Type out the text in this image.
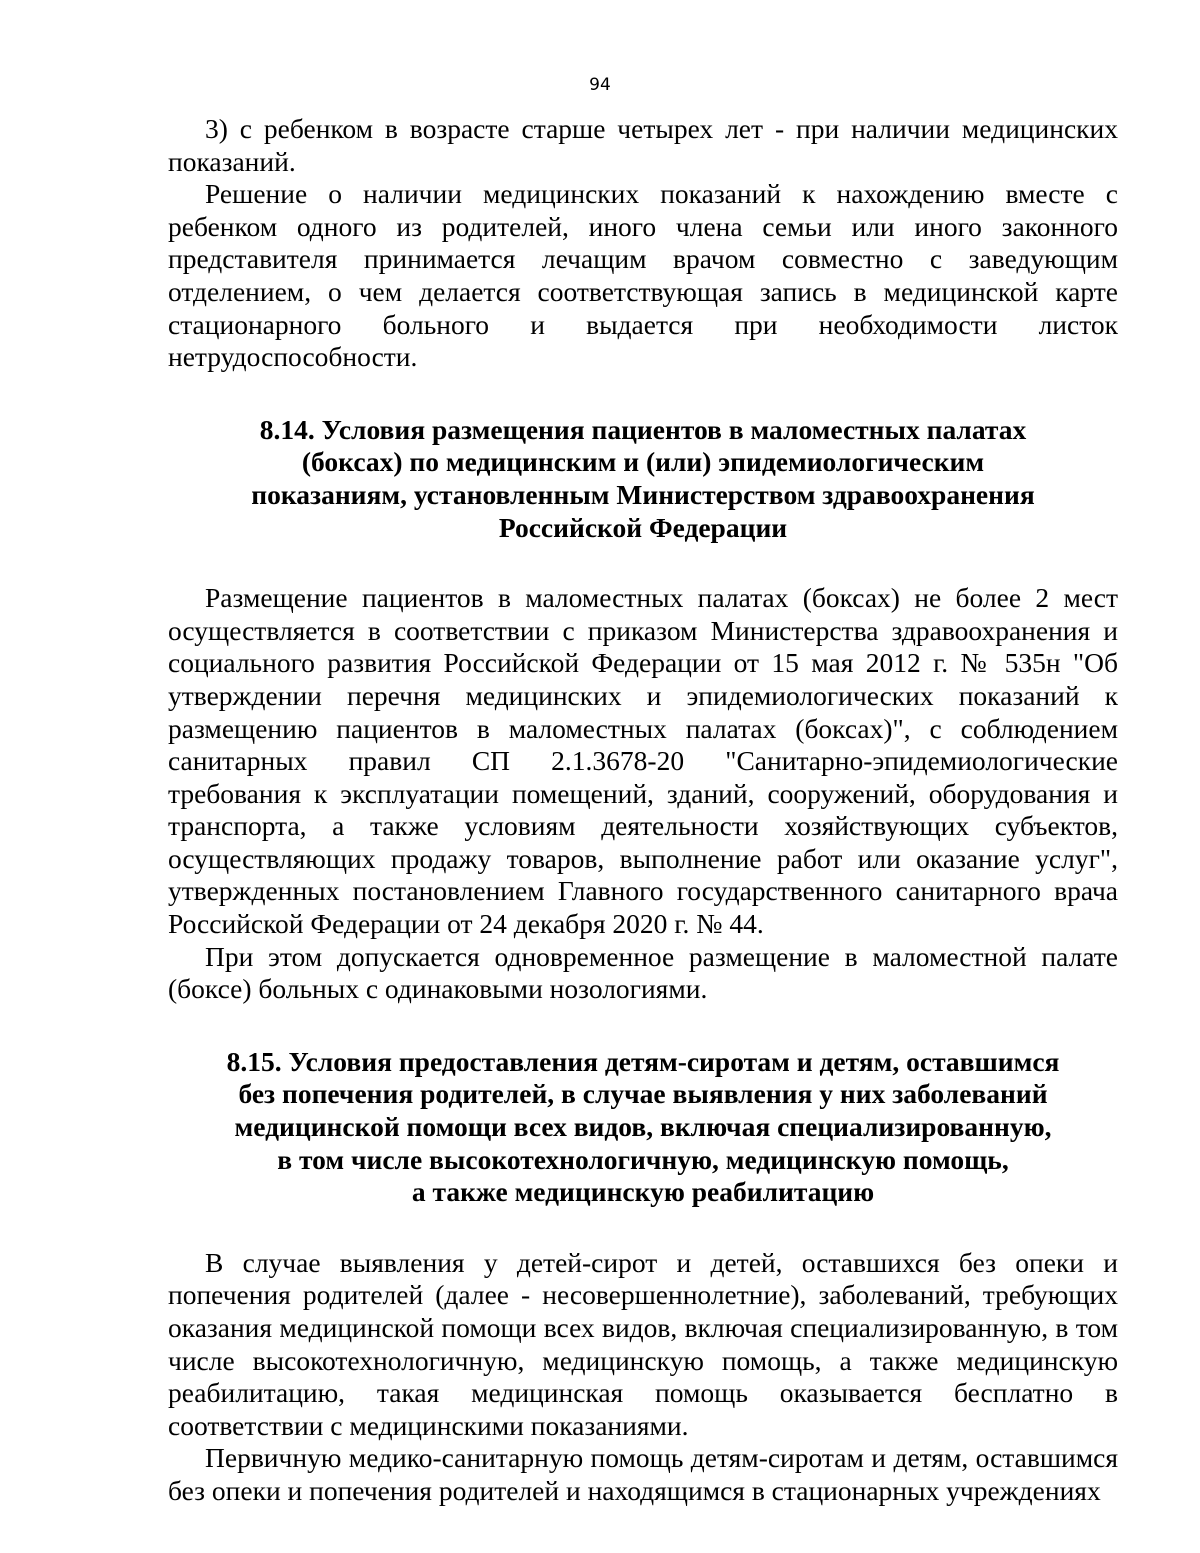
94

3) с ребенком в возрасте старше четырех лет - при наличии медицинских показаний.

Решение о наличии медицинских показаний к нахождению вместе с ребенком одного из родителей, иного члена семьи или иного законного представителя принимается лечащим врачом совместно с заведующим отделением, о чем делается соответствующая запись в медицинской карте стационарного больного и выдается при необходимости листок нетрудоспособности.

8.14. Условия размещения пациентов в маломестных палатах
(боксах) по медицинским и (или) эпидемиологическим
показаниям, установленным Министерством здравоохранения
Российской Федерации

Размещение пациентов в маломестных палатах (боксах) не более 2 мест осуществляется в соответствии с приказом Министерства здравоохранения и социального развития Российской Федерации от 15 мая 2012 г. № 535н "Об утверждении перечня медицинских и эпидемиологических показаний к размещению пациентов в маломестных палатах (боксах)", с соблюдением санитарных правил СП 2.1.3678-20 "Санитарно-эпидемиологические требования к эксплуатации помещений, зданий, сооружений, оборудования и транспорта, а также условиям деятельности хозяйствующих субъектов, осуществляющих продажу товаров, выполнение работ или оказание услуг", утвержденных постановлением Главного государственного санитарного врача Российской Федерации от 24 декабря 2020 г. № 44.

При этом допускается одновременное размещение в маломестной палате (боксе) больных с одинаковыми нозологиями.

8.15. Условия предоставления детям-сиротам и детям, оставшимся
без попечения родителей, в случае выявления у них заболеваний
медицинской помощи всех видов, включая специализированную,
в том числе высокотехнологичную, медицинскую помощь,
а также медицинскую реабилитацию

В случае выявления у детей-сирот и детей, оставшихся без опеки и попечения родителей (далее - несовершеннолетние), заболеваний, требующих оказания медицинской помощи всех видов, включая специализированную, в том числе высокотехнологичную, медицинскую помощь, а также медицинскую реабилитацию, такая медицинская помощь оказывается бесплатно в соответствии с медицинскими показаниями.

Первичную медико-санитарную помощь детям-сиротам и детям, оставшимся без опеки и попечения родителей и находящимся в стационарных учреждениях
